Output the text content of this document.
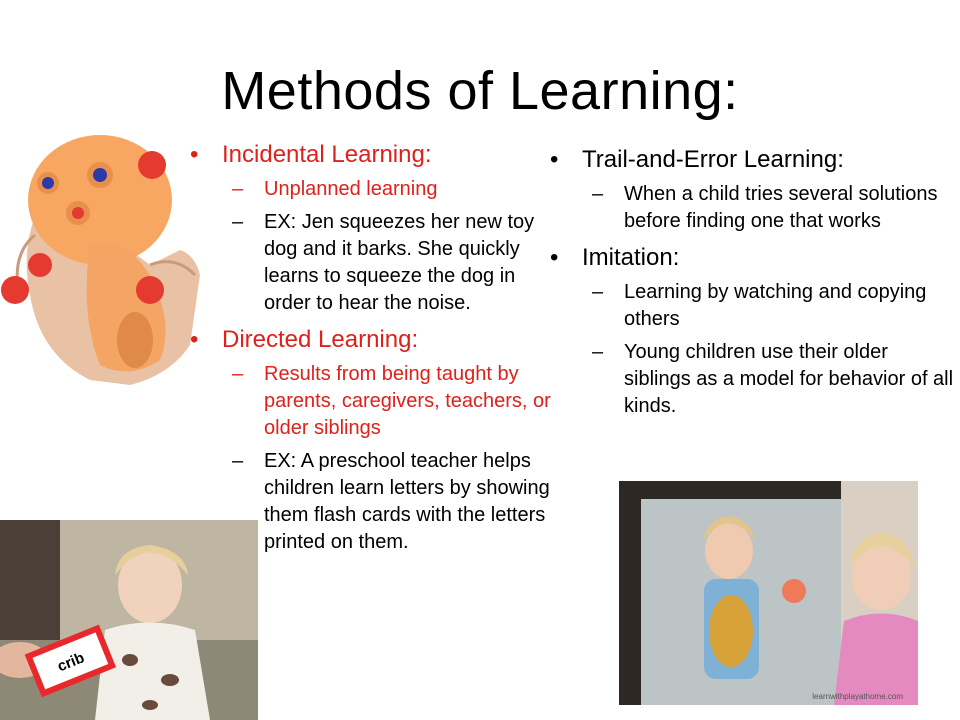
Methods of Learning:
• Incidental Learning:
– Unplanned learning
– EX: Jen squeezes her new toy dog and it barks. She quickly learns to squeeze the dog in order to hear the noise.
• Directed Learning:
– Results from being taught by parents, caregivers, teachers, or older siblings
– EX: A preschool teacher helps children learn letters by showing them flash cards with the letters printed on them.
• Trail-and-Error Learning:
– When a child tries several solutions before finding one that works
• Imitation:
– Learning by watching and copying others
– Young children use their older siblings as a model for behavior of all kinds.
crib
learnwithplayathome.com
